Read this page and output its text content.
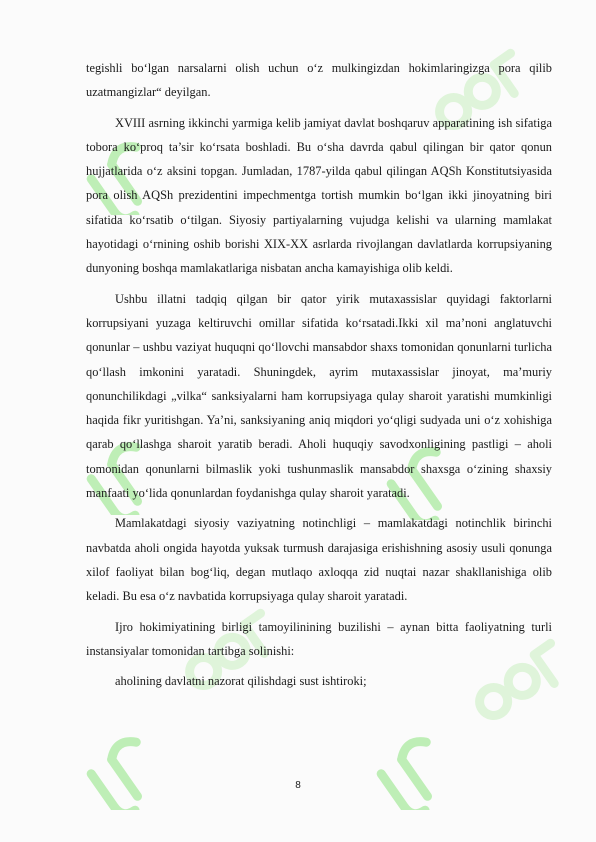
tegishli bo‘lgan narsalarni olish uchun o‘z mulkingizdan hokimlaringizga pora qilib uzatmangizlar“ deyilgan.

XVIII asrning ikkinchi yarmiga kelib jamiyat davlat boshqaruv apparatining ish sifatiga tobora ko‘proq ta’sir ko‘rsata boshladi. Bu o‘sha davrda qabul qilingan bir qator qonun hujjatlarida o‘z aksini topgan. Jumladan, 1787-yilda qabul qilingan AQSh Konstitutsiyasida pora olish AQSh prezidentini impechmentga tortish mumkin bo‘lgan ikki jinoyatning biri sifatida ko‘rsatib o‘tilgan. Siyosiy partiyalarning vujudga kelishi va ularning mamlakat hayotidagi o‘rnining oshib borishi XIX-XX asrlarda rivojlangan davlatlarda korrupsiyaning dunyoning boshqa mamlakatlariga nisbatan ancha kamayishiga olib keldi.

Ushbu illatni tadqiq qilgan bir qator yirik mutaxassislar quyidagi faktorlarni korrupsiyani yuzaga keltiruvchi omillar sifatida ko‘rsatadi.Ikki xil ma’noni anglatuvchi qonunlar – ushbu vaziyat huquqni qo‘llovchi mansabdor shaxs tomonidan qonunlarni turlicha qo‘llash imkonini yaratadi. Shuningdek, ayrim mutaxassislar jinoyat, ma’muriy qonunchilikdagi „vilka“ sanksiyalarni ham korrupsiyaga qulay sharoit yaratishi mumkinligi haqida fikr yuritishgan. Ya’ni, sanksiyaning aniq miqdori yo‘qligi sudyada uni o‘z xohishiga qarab qo‘llashga sharoit yaratib beradi. Aholi huquqiy savodxonligining pastligi – aholi tomonidan qonunlarni bilmaslik yoki tushunmaslik mansabdor shaxsga o‘zining shaxsiy manfaati yo‘lida qonunlardan foydanishga qulay sharoit yaratadi.

Mamlakatdagi siyosiy vaziyatning notinchligi – mamlakatdagi notinchlik birinchi navbatda aholi ongida hayotda yuksak turmush darajasiga erishishning asosiy usuli qonunga xilof faoliyat bilan bog‘liq, degan mutlaqo axloqqa zid nuqtai nazar shakllanishiga olib keladi. Bu esa o‘z navbatida korrupsiyaga qulay sharoit yaratadi.

Ijro hokimiyatining birligi tamoyilinining buzilishi – aynan bitta faoliyatning turli instansiyalar tomonidan tartibga solinishi:

aholining davlatni nazorat qilishdagi sust ishtiroki;

8
